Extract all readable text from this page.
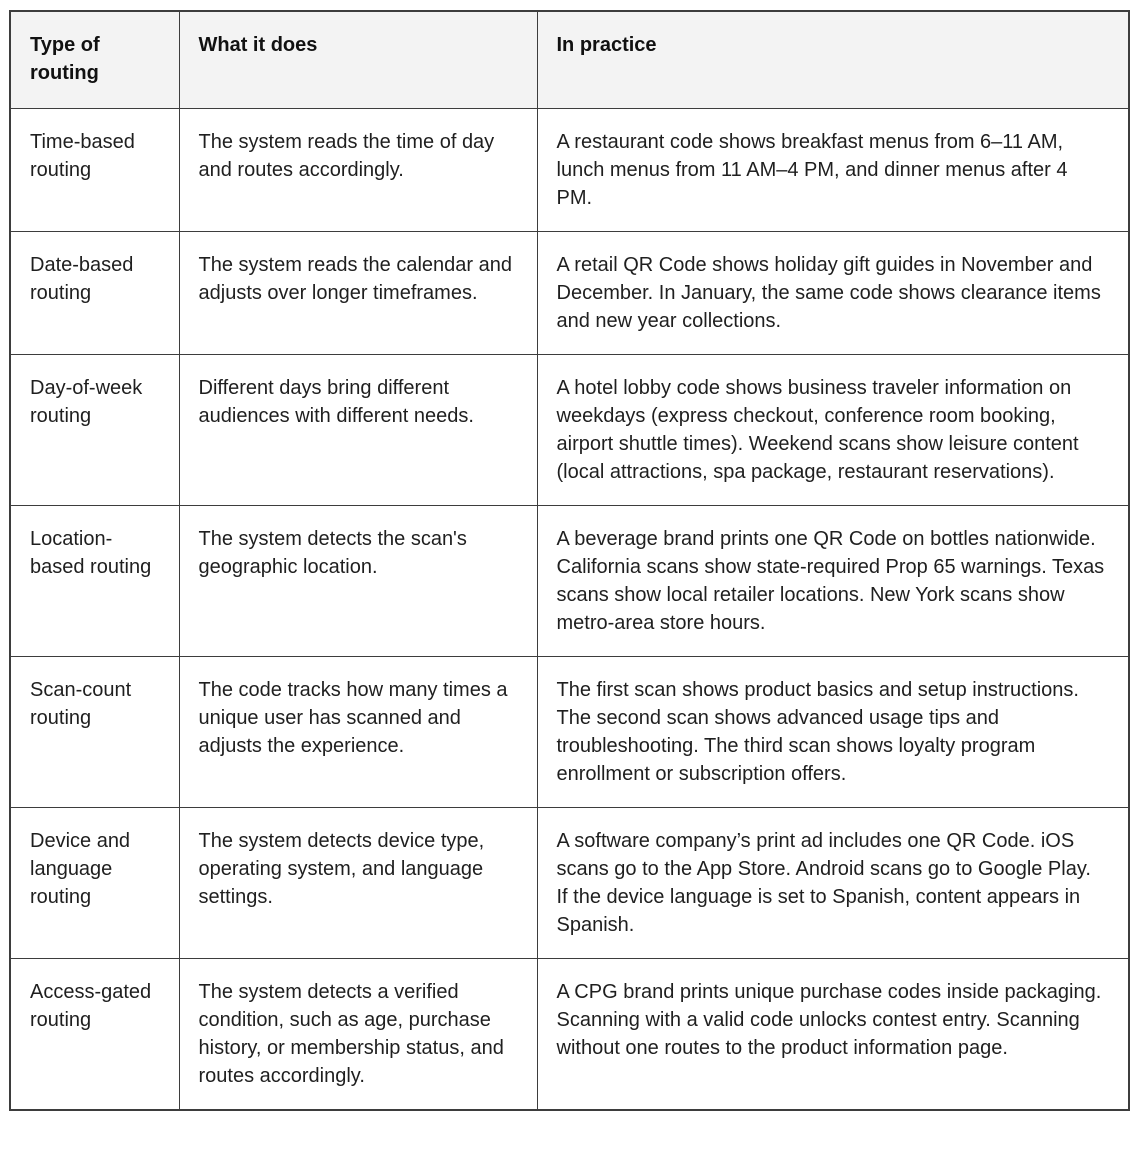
Type of routing	What it does	In practice
Time-based routing	The system reads the time of day and routes accordingly.	A restaurant code shows breakfast menus from 6–11 AM, lunch menus from 11 AM–4 PM, and dinner menus after 4 PM.
Date-based routing	The system reads the calendar and adjusts over longer timeframes.	A retail QR Code shows holiday gift guides in November and December. In January, the same code shows clearance items and new year collections.
Day-of-week routing	Different days bring different audiences with different needs.	A hotel lobby code shows business traveler information on weekdays (express checkout, conference room booking, airport shuttle times). Weekend scans show leisure content (local attractions, spa package, restaurant reservations).
Location-based routing	The system detects the scan's geographic location.	A beverage brand prints one QR Code on bottles nationwide. California scans show state-required Prop 65 warnings. Texas scans show local retailer locations. New York scans show metro-area store hours.
Scan-count routing	The code tracks how many times a unique user has scanned and adjusts the experience.	The first scan shows product basics and setup instructions. The second scan shows advanced usage tips and troubleshooting. The third scan shows loyalty program enrollment or subscription offers.
Device and language routing	The system detects device type, operating system, and language settings.	A software company’s print ad includes one QR Code. iOS scans go to the App Store. Android scans go to Google Play. If the device language is set to Spanish, content appears in Spanish.
Access-gated routing	The system detects a verified condition, such as age, purchase history, or membership status, and routes accordingly.	A CPG brand prints unique purchase codes inside packaging. Scanning with a valid code unlocks contest entry. Scanning without one routes to the product information page.
